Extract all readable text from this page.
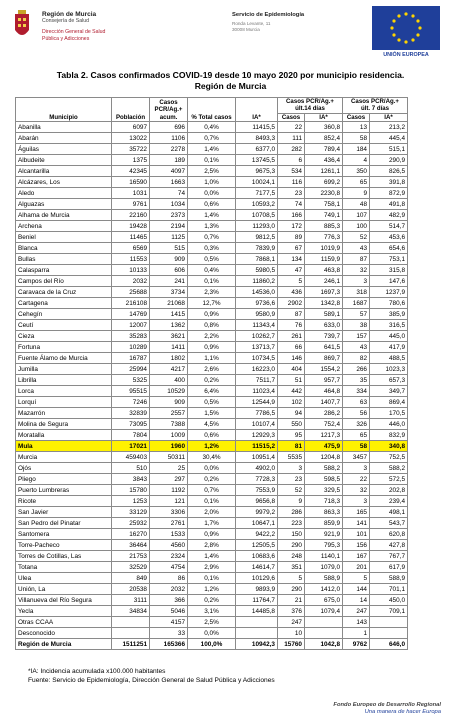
Región de Murcia
Consejería de Salud
Dirección General de Salud
Pública y Adicciones
Servicio de Epidemiología
Ronda Levante, 11
30008 Murcia
UNIÓN EUROPEA
Tabla 2. Casos confirmados COVID-19 desde 10 mayo 2020 por municipio residencia.
Región de Murcia
Municipio	Población	Casos
PCR/Ag.+
acum.	% Total casos	IA*	Casos PCR/Ag.+
últ.14 días		Casos PCR/Ag.+
últ. 7 días	
					Casos	IA*	Casos	IA*
Abanilla	6097	696	0,4%	11415,5	22	360,8	13	213,2
Abarán	13022	1106	0,7%	8493,3	111	852,4	58	445,4
Águilas	35722	2278	1,4%	6377,0	282	789,4	184	515,1
Albudeite	1375	189	0,1%	13745,5	6	436,4	4	290,9
Alcantarilla	42345	4097	2,5%	9675,3	534	1261,1	350	826,5
Alcázares, Los	16590	1663	1,0%	10024,1	116	699,2	65	391,8
Aledo	1031	74	0,0%	7177,5	23	2230,8	9	872,9
Alguazas	9761	1034	0,6%	10593,2	74	758,1	48	491,8
Alhama de Murcia	22160	2373	1,4%	10708,5	166	749,1	107	482,9
Archena	19428	2194	1,3%	11293,0	172	885,3	100	514,7
Beniel	11465	1125	0,7%	9812,5	89	776,3	52	453,6
Blanca	6569	515	0,3%	7839,9	67	1019,9	43	654,6
Bullas	11553	909	0,5%	7868,1	134	1159,9	87	753,1
Calasparra	10133	606	0,4%	5980,5	47	463,8	32	315,8
Campos del Río	2032	241	0,1%	11860,2	5	246,1	3	147,6
Caravaca de la Cruz	25688	3734	2,3%	14536,0	436	1697,3	318	1237,9
Cartagena	216108	21068	12,7%	9736,6	2902	1342,8	1687	780,6
Cehegín	14769	1415	0,9%	9580,9	87	589,1	57	385,9
Ceutí	12007	1362	0,8%	11343,4	76	633,0	38	316,5
Cieza	35283	3621	2,2%	10262,7	261	739,7	157	445,0
Fortuna	10289	1411	0,9%	13713,7	66	641,5	43	417,9
Fuente Álamo de Murcia	16787	1802	1,1%	10734,5	146	869,7	82	488,5
Jumilla	25994	4217	2,6%	16223,0	404	1554,2	266	1023,3
Librilla	5325	400	0,2%	7511,7	51	957,7	35	657,3
Lorca	95515	10529	6,4%	11023,4	442	464,8	334	349,7
Lorquí	7246	909	0,5%	12544,9	102	1407,7	63	869,4
Mazarrón	32839	2557	1,5%	7786,5	94	286,2	56	170,5
Molina de Segura	73095	7388	4,5%	10107,4	550	752,4	326	446,0
Moratalla	7804	1009	0,6%	12929,3	95	1217,3	65	832,9
Mula	17021	1960	1,2%	11515,2	81	475,9	58	340,8
Murcia	459403	50311	30,4%	10951,4	5535	1204,8	3457	752,5
Ojós	510	25	0,0%	4902,0	3	588,2	3	588,2
Pliego	3843	297	0,2%	7728,3	23	598,5	22	572,5
Puerto Lumbreras	15780	1192	0,7%	7553,9	52	329,5	32	202,8
Ricote	1253	121	0,1%	9656,8	9	718,3	3	239,4
San Javier	33129	3306	2,0%	9979,2	286	863,3	165	498,1
San Pedro del Pinatar	25932	2761	1,7%	10647,1	223	859,9	141	543,7
Santomera	16270	1533	0,9%	9422,2	150	921,9	101	620,8
Torre-Pacheco	36464	4560	2,8%	12505,5	290	795,3	156	427,8
Torres de Cotillas, Las	21753	2324	1,4%	10683,6	248	1140,1	167	767,7
Totana	32529	4754	2,9%	14614,7	351	1079,0	201	617,9
Ulea	849	86	0,1%	10129,6	5	588,9	5	588,9
Unión, La	20538	2032	1,2%	9893,9	290	1412,0	144	701,1
Villanueva del Río Segura	3111	366	0,2%	11764,7	21	675,0	14	450,0
Yecla	34834	5046	3,1%	14485,8	376	1079,4	247	709,1
Otras CCAA		4157	2,5%		247		143	
Desconocido		33	0,0%		10		1	
Región de Murcia	1511251	165366	100,0%	10942,3	15760	1042,8	9762	646,0
*IA: Incidencia acumulada x100.000 habitantes
Fuente: Servicio de Epidemiología, Dirección General de Salud Pública y Adicciones
Fondo Europeo de Desarrollo Regional
Una manera de hacer Europa
